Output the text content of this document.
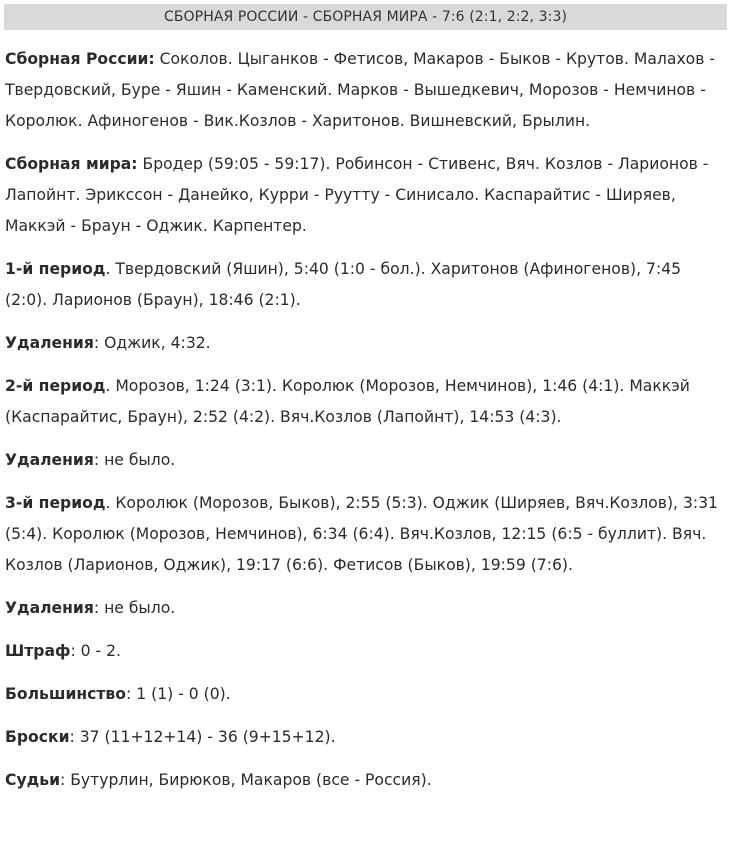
СБОРНАЯ РОССИИ - СБОРНАЯ МИРА - 7:6 (2:1, 2:2, 3:3)

Сборная России: Соколов. Цыганков - Фетисов, Макаров - Быков - Крутов. Малахов - Твердовский, Буре - Яшин - Каменский. Марков - Вышедкевич, Морозов - Немчинов - Королюк. Афиногенов - Вик.Козлов - Харитонов. Вишневский, Брылин.

Сборная мира: Бродер (59:05 - 59:17). Робинсон - Стивенс, Вяч. Козлов - Ларионов - Лапойнт. Эрикссон - Данейко, Курри - Руутту - Синисало. Каспарайтис - Ширяев, Маккэй - Браун - Оджик. Карпентер.

1-й период. Твердовский (Яшин), 5:40 (1:0 - бол.). Харитонов (Афиногенов), 7:45 (2:0). Ларионов (Браун), 18:46 (2:1).

Удаления: Оджик, 4:32.

2-й период. Морозов, 1:24 (3:1). Королюк (Морозов, Немчинов), 1:46 (4:1). Маккэй (Каспарайтис, Браун), 2:52 (4:2). Вяч.Козлов (Лапойнт), 14:53 (4:3).

Удаления: не было.

3-й период. Королюк (Морозов, Быков), 2:55 (5:3). Оджик (Ширяев, Вяч.Козлов), 3:31 (5:4). Королюк (Морозов, Немчинов), 6:34 (6:4). Вяч.Козлов, 12:15 (6:5 - буллит). Вяч. Козлов (Ларионов, Оджик), 19:17 (6:6). Фетисов (Быков), 19:59 (7:6).

Удаления: не было.

Штраф: 0 - 2.

Большинство: 1 (1) - 0 (0).

Броски: 37 (11+12+14) - 36 (9+15+12).

Судьи: Бутурлин, Бирюков, Макаров (все - Россия).
